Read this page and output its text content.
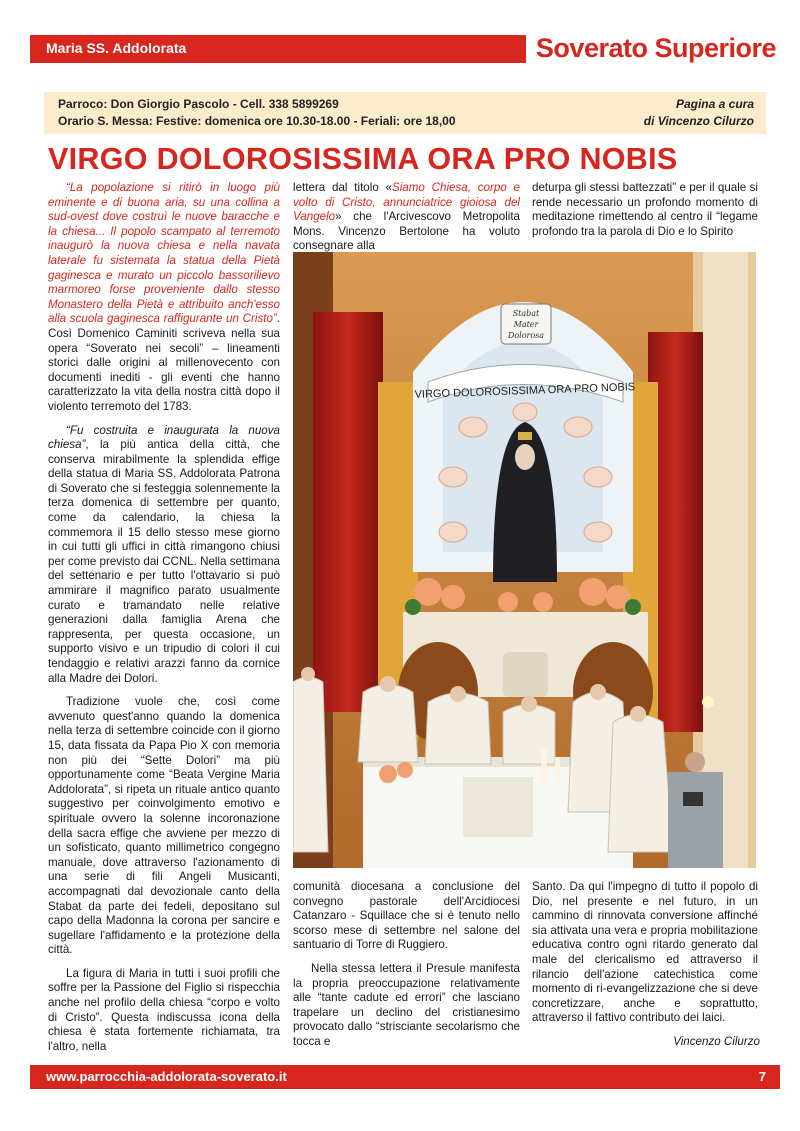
Maria SS. Addolorata	Soverato Superiore
Parroco: Don Giorgio Pascolo - Cell. 338 5899269
Orario S. Messa: Festive: domenica ore 10.30-18.00 - Feriali: ore 18,00
Pagina a cura
di Vincenzo Cilurzo
VIRGO DOLOROSISSIMA ORA PRO NOBIS

“La popolazione si ritirò in luogo più eminente e di buona aria, su una collina a sud-ovest dove costruì le nuove baracche e la chiesa... Il popolo scampato al terremoto inaugurò la nuova chiesa e nella navata laterale fu sistemata la statua della Pietà gaginesca e murato un piccolo bassorilievo marmoreo forse proveniente dallo stesso Monastero della Pietà e attribuito anch'esso alla scuola gaginesca raffigurante un Cristo”. Così Domenico Caminiti scriveva nella sua opera “Soverato nei secoli” – lineamenti storici dalle origini al millenovecento con documenti inediti - gli eventi che hanno caratterizzato la vita della nostra città dopo il violento terremoto del 1783.

“Fu costruita e inaugurata la nuova chiesa”, la più antica della città, che conserva mirabilmente la splendida effige della statua di Maria SS. Addolorata Patrona di Soverato che si festeggia solennemente la terza domenica di settembre per quanto, come da calendario, la chiesa la commemora il 15 dello stesso mese giorno in cui tutti gli uffici in città rimangono chiusi per come previsto dai CCNL. Nella settimana del settenario e per tutto l'ottavario si può ammirare il magnifico parato usualmente curato e tramandato nelle relative generazioni dalla famiglia Arena che rappresenta, per questa occasione, un supporto visivo e un tripudio di colori il cui tendaggio e relativi arazzi fanno da cornice alla Madre dei Dolori.

Tradizione vuole che, così come avvenuto quest'anno quando la domenica nella terza di settembre coincide con il giorno 15, data fissata da Papa Pio X con memoria non più dei “Sette Dolori” ma più opportunamente come “Beata Vergine Maria Addolorata”, si ripeta un rituale antico quanto suggestivo per coinvolgimento emotivo e spirituale ovvero la solenne incoronazione della sacra effige che avviene per mezzo di un sofisticato, quanto millimetrico congegno manuale, dove attraverso l'azionamento di una serie di fili Angeli Musicanti, accompagnati dal devozionale canto della Stabat da parte dei fedeli, depositano sul capo della Madonna la corona per sancire e sugellare l'affidamento e la protezione della città.

La figura di Maria in tutti i suoi profili che soffre per la Passione del Figlio si rispecchia anche nel profilo della chiesa “corpo e volto di Cristo”. Questa indiscussa icona della chiesa è stata fortemente richiamata, tra l'altro, nella

lettera dal titolo «Siamo Chiesa, corpo e volto di Cristo, annunciatrice gioiosa del Vangelo» che l'Arcivescovo Metropolita Mons. Vincenzo Bertolone ha voluto consegnare alla

deturpa gli stessi battezzati” e per il quale si rende necessario un profondo momento di meditazione rimettendo al centro il “legame profondo tra la parola di Dio e lo Spirito

VIRGO DOLOROSISSIMA ORA PRO NOBIS
Stabat
Mater
Dolorosa

comunità diocesana a conclusione del convegno pastorale dell'Arcidiocesi Catanzaro - Squillace che si è tenuto nello scorso mese di settembre nel salone del santuario di Torre di Ruggiero.

Nella stessa lettera il Presule manifesta la propria preoccupazione relativamente alle “tante cadute ed errori” che lasciano trapelare un declino del cristianesimo provocato dallo “strisciante secolarismo che tocca e

Santo. Da qui l'impegno di tutto il popolo di Dio, nel presente e nel futuro, in un cammino di rinnovata conversione affinché sia attivata una vera e propria mobilitazione educativa contro ogni ritardo generato dal male del clericalismo ed attraverso il rilancio dell'azione catechistica come momento di ri-evangelizzazione che si deve concretizzare, anche e soprattutto, attraverso il fattivo contributo dei laici.

Vincenzo Cilurzo
www.parrocchia-addolorata-soverato.it	7
